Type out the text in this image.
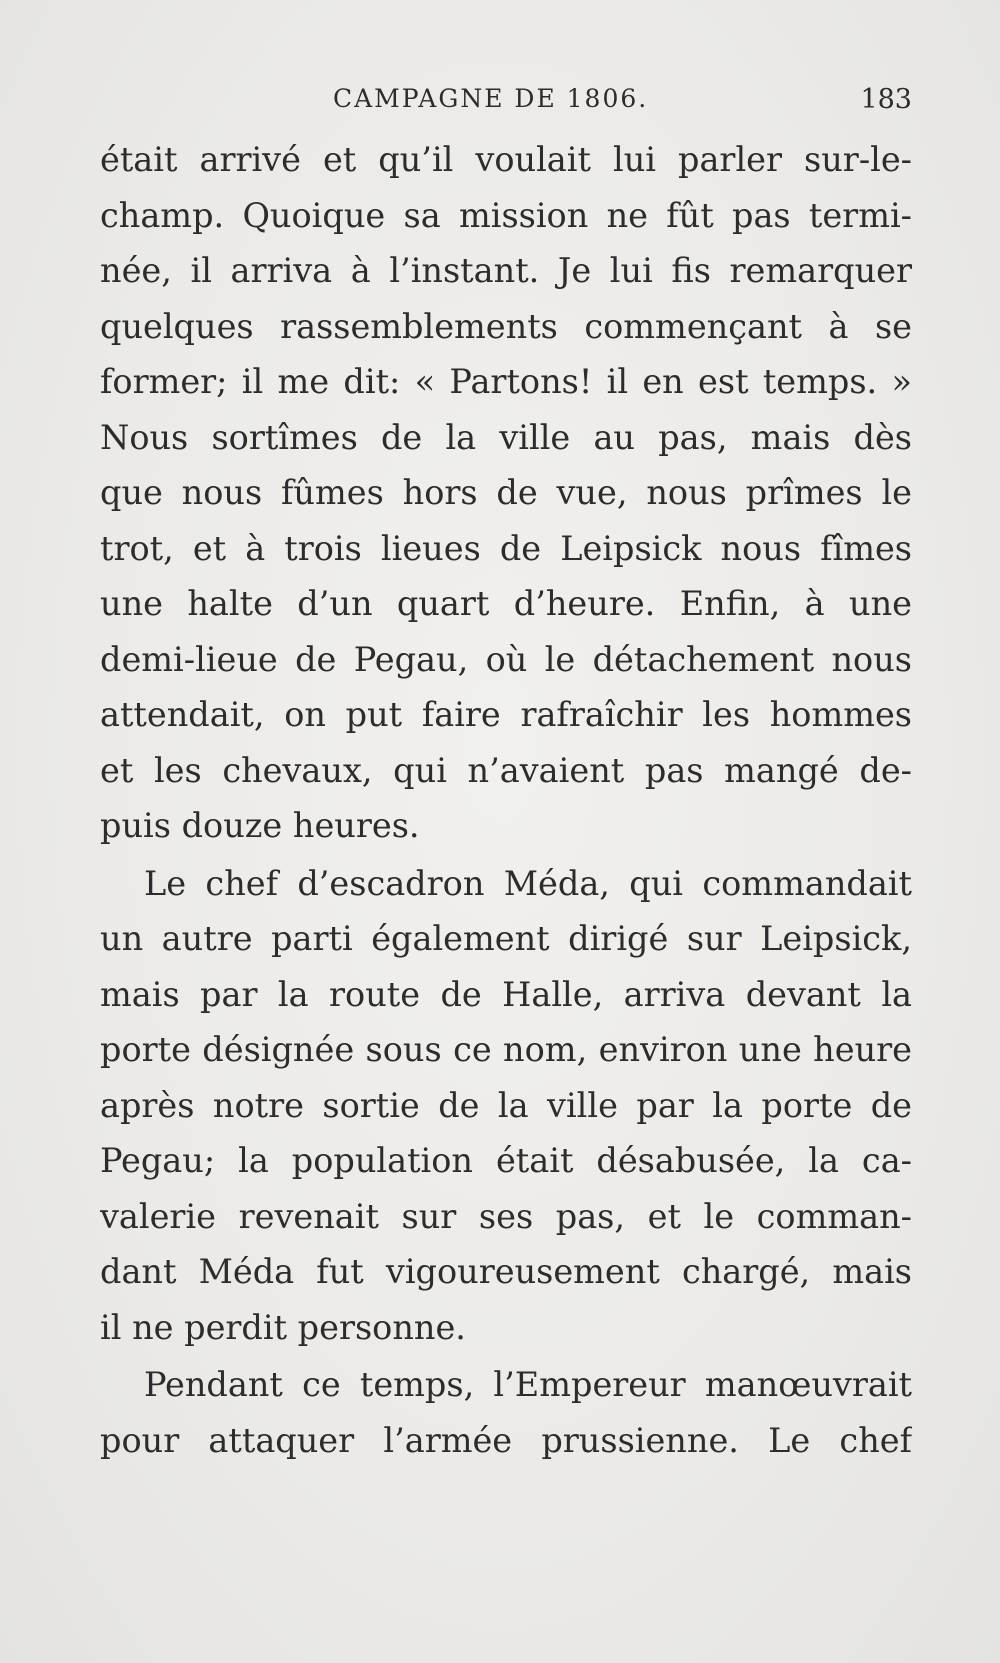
CAMPAGNE DE 1806.	183
était arrivé et qu’il voulait lui parler sur-le-
champ. Quoique sa mission ne fût pas termi-
née, il arriva à l’instant. Je lui fis remarquer
quelques rassemblements commençant à se
former; il me dit: « Partons! il en est temps. »
Nous sortîmes de la ville au pas, mais dès
que nous fûmes hors de vue, nous prîmes le
trot, et à trois lieues de Leipsick nous fîmes
une halte d’un quart d’heure. Enfin, à une
demi-lieue de Pegau, où le détachement nous
attendait, on put faire rafraîchir les hommes
et les chevaux, qui n’avaient pas mangé de-
puis douze heures.
Le chef d’escadron Méda, qui commandait
un autre parti également dirigé sur Leipsick,
mais par la route de Halle, arriva devant la
porte désignée sous ce nom, environ une heure
après notre sortie de la ville par la porte de
Pegau; la population était désabusée, la ca-
valerie revenait sur ses pas, et le comman-
dant Méda fut vigoureusement chargé, mais
il ne perdit personne.
Pendant ce temps, l’Empereur manœuvrait
pour attaquer l’armée prussienne. Le chef
